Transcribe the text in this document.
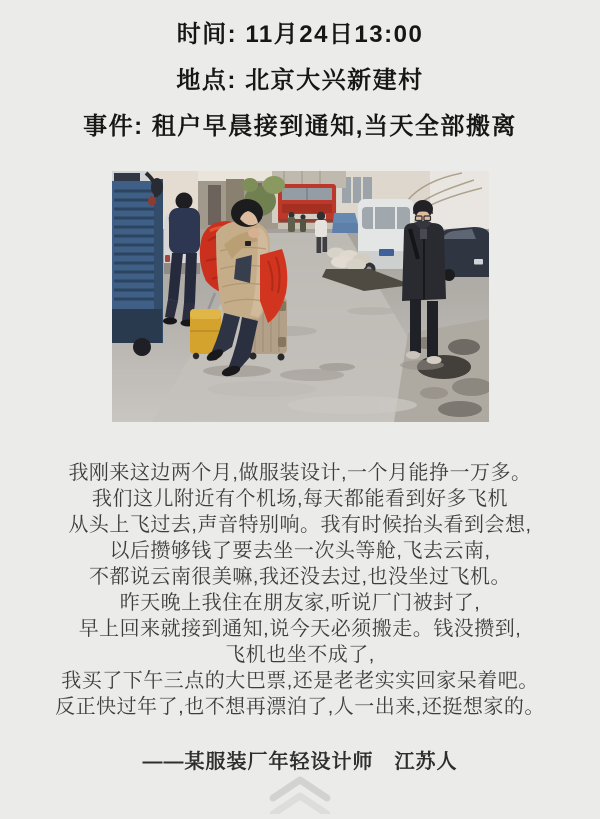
时间: 11月24日13:00
地点: 北京大兴新建村
事件: 租户早晨接到通知,当天全部搬离
我刚来这边两个月,做服装设计,一个月能挣一万多。
我们这儿附近有个机场,每天都能看到好多飞机
从头上飞过去,声音特别响。我有时候抬头看到会想,
以后攒够钱了要去坐一次头等舱,飞去云南,
不都说云南很美嘛,我还没去过,也没坐过飞机。
昨天晚上我住在朋友家,听说厂门被封了,
早上回来就接到通知,说今天必须搬走。钱没攒到,
飞机也坐不成了,
我买了下午三点的大巴票,还是老老实实回家呆着吧。
反正快过年了,也不想再漂泊了,人一出来,还挺想家的。
——某服装厂年轻设计师　江苏人
